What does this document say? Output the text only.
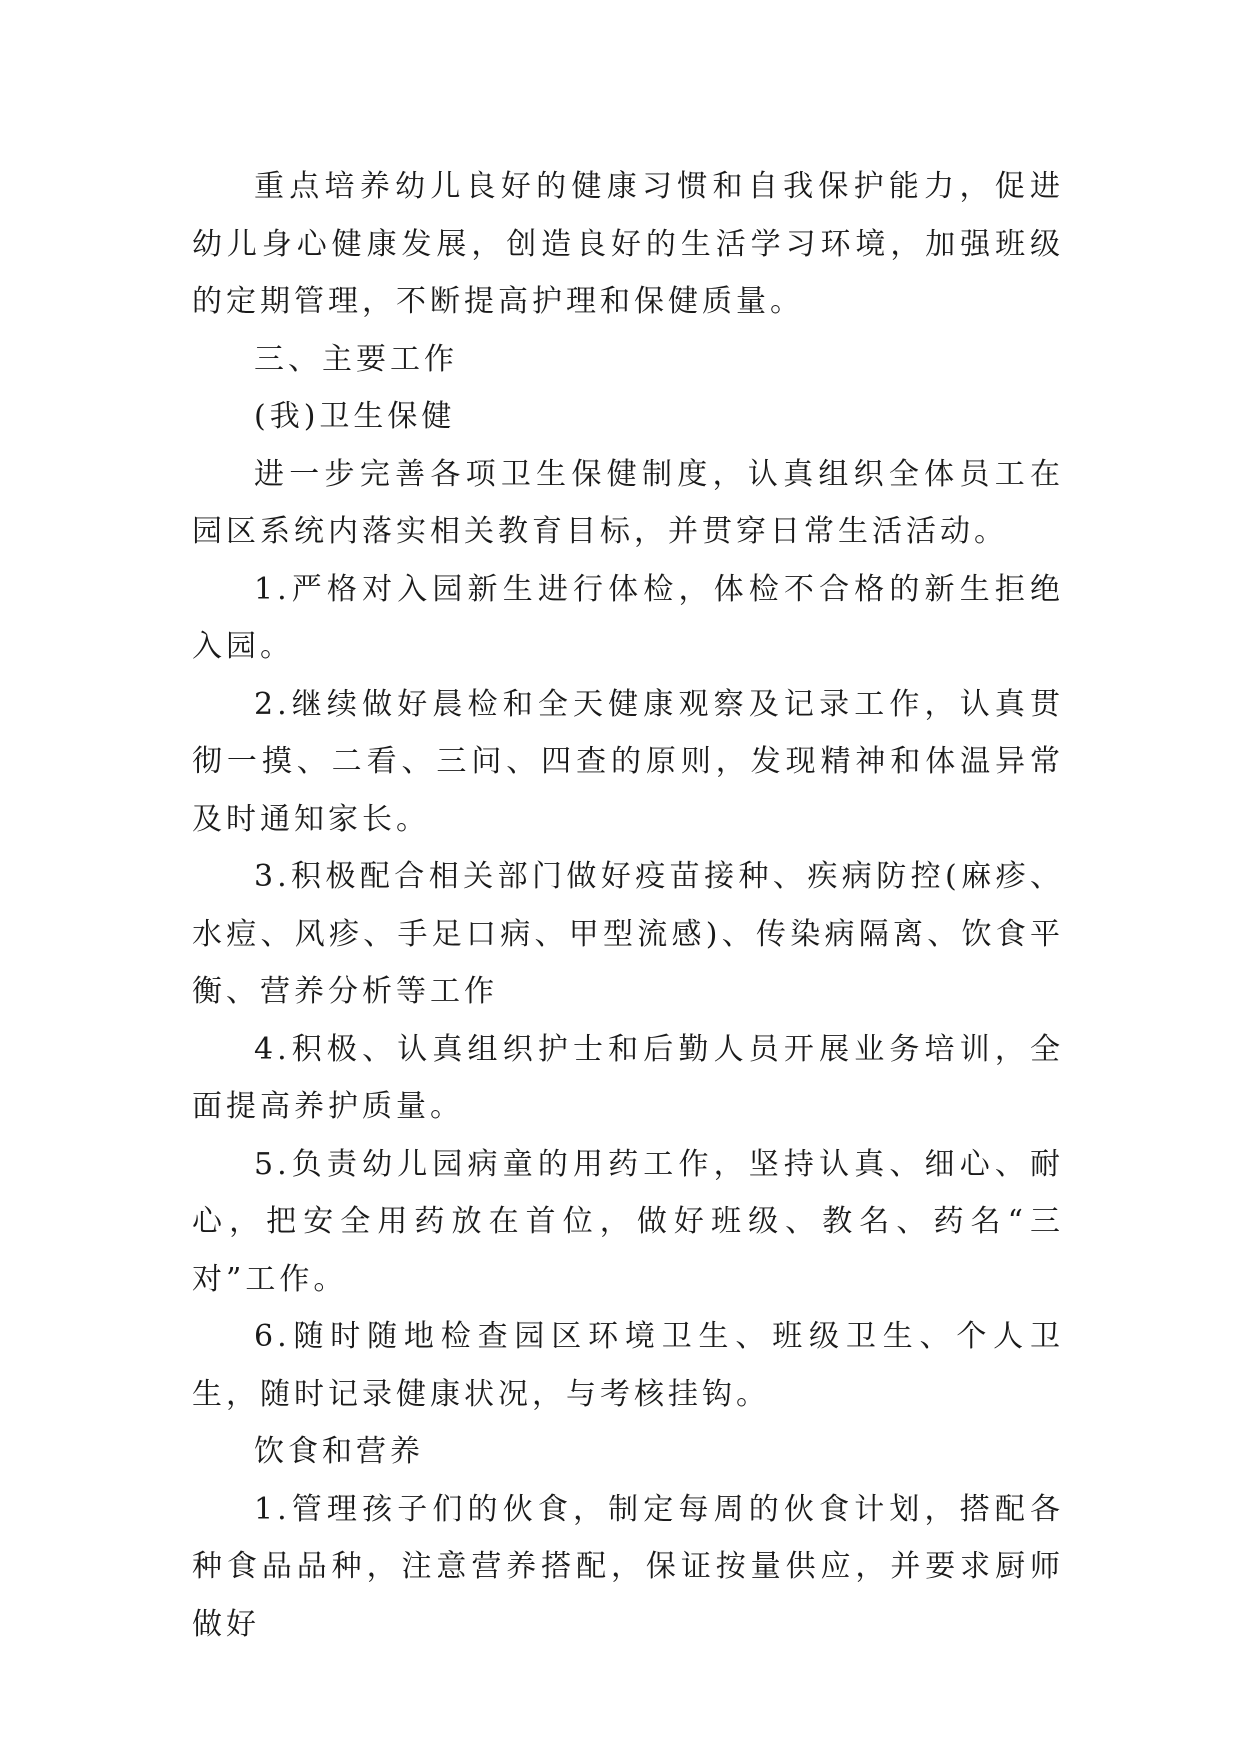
重点培养幼儿良好的健康习惯和自我保护能力，促进幼儿身心健康发展，创造良好的生活学习环境，加强班级的定期管理，不断提高护理和保健质量。

三、主要工作

(我)卫生保健

进一步完善各项卫生保健制度，认真组织全体员工在园区系统内落实相关教育目标，并贯穿日常生活活动。

1.严格对入园新生进行体检，体检不合格的新生拒绝入园。

2.继续做好晨检和全天健康观察及记录工作，认真贯彻一摸、二看、三问、四查的原则，发现精神和体温异常及时通知家长。

3.积极配合相关部门做好疫苗接种、疾病防控(麻疹、水痘、风疹、手足口病、甲型流感)、传染病隔离、饮食平衡、营养分析等工作

4.积极、认真组织护士和后勤人员开展业务培训，全面提高养护质量。

5.负责幼儿园病童的用药工作，坚持认真、细心、耐心，把安全用药放在首位，做好班级、教名、药名“三对”工作。

6.随时随地检查园区环境卫生、班级卫生、个人卫生，随时记录健康状况，与考核挂钩。

饮食和营养

1.管理孩子们的伙食，制定每周的伙食计划，搭配各种食品品种，注意营养搭配，保证按量供应，并要求厨师做好
